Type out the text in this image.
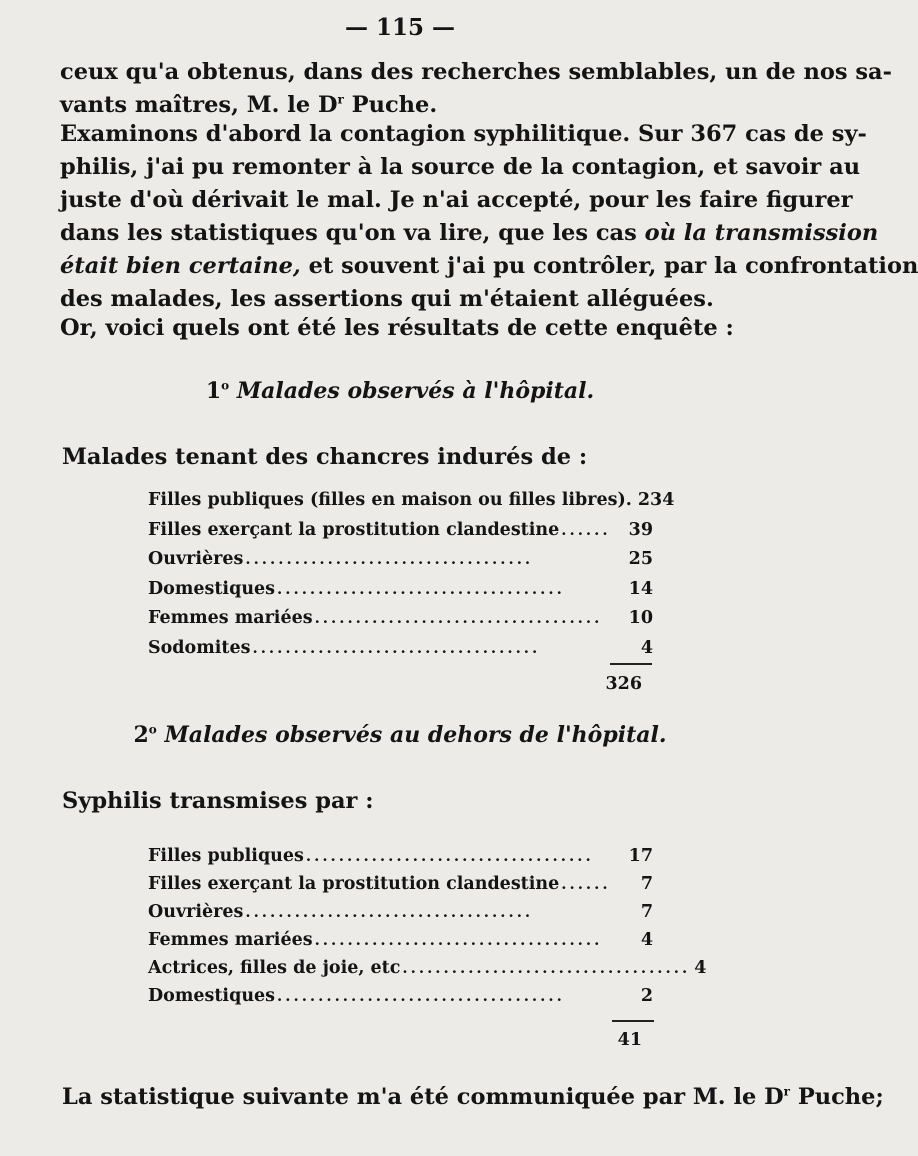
— 115 —
ceux qu'a obtenus, dans des recherches semblables, un de nos sa-
vants maîtres, M. le $D^r$ Puche.
Examinons d'abord la contagion syphilitique. Sur 367 cas de sy-
philis, j'ai pu remonter à la source de la contagion, et savoir au
juste d'où dérivait le mal. Je n'ai accepté, pour les faire figurer
dans les statistiques qu'on va lire, que les cas où la transmission
était bien certaine, et souvent j'ai pu contrôler, par la confrontation
des malades, les assertions qui m'étaient alléguées.
Or, voici quels ont été les résultats de cette enquête :
1$^o$ Malades observés à l'hôpital.
Malades tenant des chancres indurés de :
Filles publiques (filles en maison ou filles libres). 234
Filles exerçant la prostitution clandestine ......	39
Ouvrières ...................................	25
Domestiques ...................................	14
Femmes mariées ...................................	10
Sodomites ...................................	4
326
2$^o$ Malades observés au dehors de l'hôpital.
Syphilis transmises par :
Filles publiques ...................................	17
Filles exerçant la prostitution clandestine ......	7
Ouvrières ...................................	7
Femmes mariées ...................................	4
Actrices, filles de joie, etc ................................... 4
Domestiques ...................................	2
41
La statistique suivante m'a été communiquée par M. le $D^r$ Puche;
